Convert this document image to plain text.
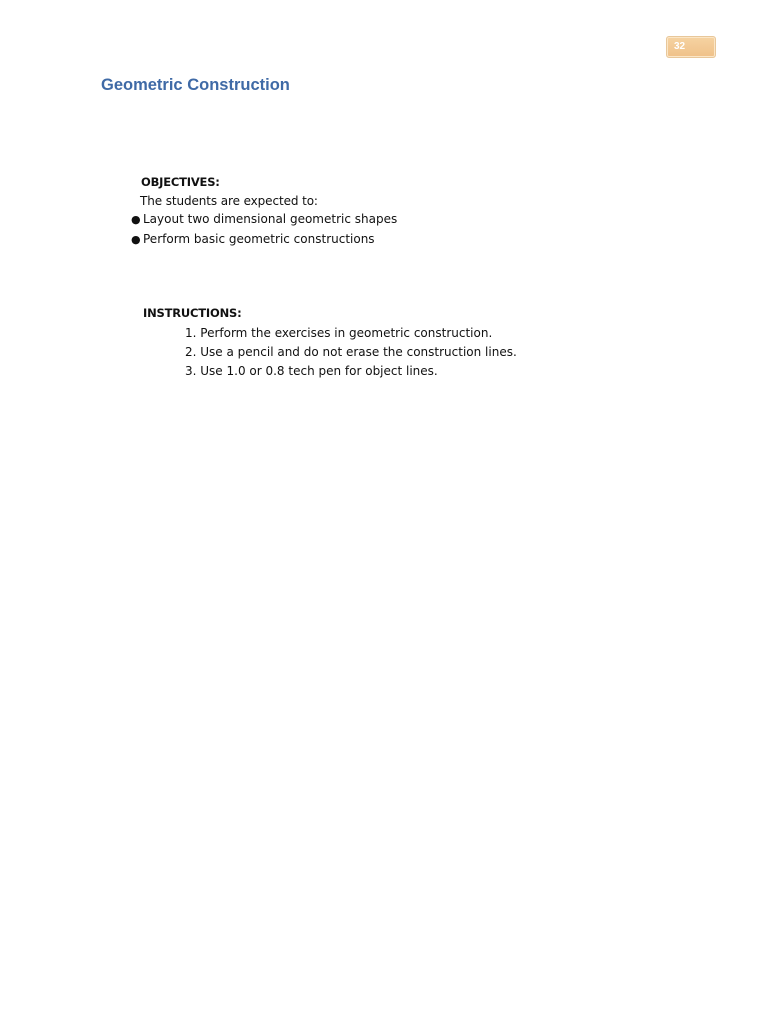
32
Geometric Construction

OBJECTIVES:

The students are expected to:

● Layout two dimensional geometric shapes
● Perform basic geometric constructions

INSTRUCTIONS:

1. Perform the exercises in geometric construction.
2. Use a pencil and do not erase the construction lines.
3. Use 1.0 or 0.8 tech pen for object lines.
